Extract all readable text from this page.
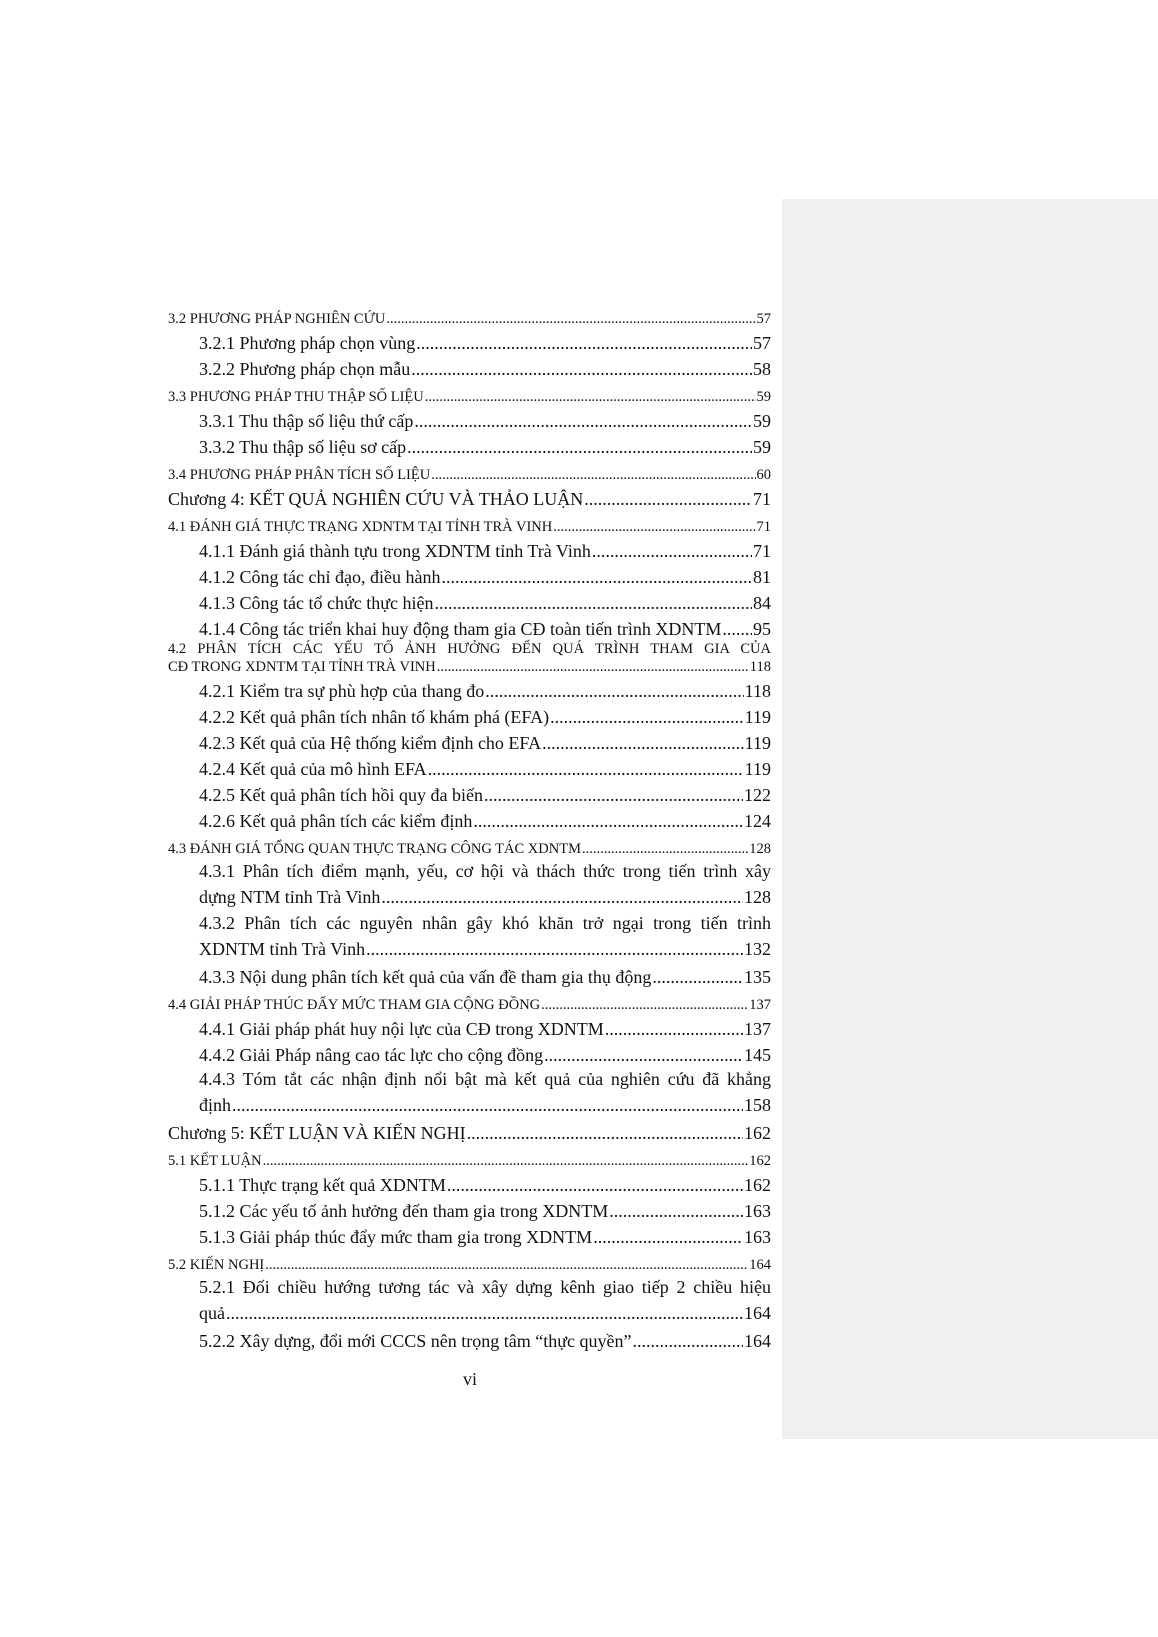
3.2 PHƯƠNG PHÁP NGHIÊN CỨU .....	57
3.2.1 Phương pháp chọn vùng .....	57
3.2.2 Phương pháp chọn mẫu .....	58
3.3 PHƯƠNG PHÁP THU THẬP SỐ LIỆU .....	59
3.3.1 Thu thập số liệu thứ cấp .....	59
3.3.2 Thu thập số liệu sơ cấp .....	59
3.4 PHƯƠNG PHÁP PHÂN TÍCH SỐ LIỆU .....	60
Chương 4: KẾT QUẢ NGHIÊN CỨU VÀ THẢO LUẬN .....	71
4.1 ĐÁNH GIÁ THỰC TRẠNG XDNTM TẠI TỈNH TRÀ VINH .....	71
4.1.1 Đánh giá thành tựu trong XDNTM tỉnh Trà Vinh .....	71
4.1.2 Công tác chỉ đạo, điều hành .....	81
4.1.3 Công tác tổ chức thực hiện .....	84
4.1.4 Công tác triển khai huy động tham gia CĐ toàn tiến trình XDNTM ..... 95
4.2 PHÂN TÍCH CÁC YẾU TỐ ẢNH HƯỞNG ĐẾN QUÁ TRÌNH THAM GIA CỦA
CĐ TRONG XDNTM TẠI TỈNH TRÀ VINH .....	118
4.2.1 Kiểm tra sự phù hợp của thang đo .....	118
4.2.2 Kết quả phân tích nhân tố khám phá (EFA) .....	119
4.2.3 Kết quả của Hệ thống kiểm định cho EFA .....	119
4.2.4 Kết quả của mô hình EFA .....	119
4.2.5 Kết quả phân tích hồi quy đa biến .....	122
4.2.6 Kết quả phân tích các kiểm định .....	124
4.3 ĐÁNH GIÁ TỔNG QUAN THỰC TRẠNG CÔNG TÁC XDNTM .....	128
4.3.1 Phân tích điểm mạnh, yếu, cơ hội và thách thức trong tiến trình xây
dựng NTM tỉnh Trà Vinh .....	128
4.3.2 Phân tích các nguyên nhân gây khó khăn trở ngại trong tiến trình
XDNTM tỉnh Trà Vinh .....	132
4.3.3 Nội dung phân tích kết quả của vấn đề tham gia thụ động .....	135
4.4 GIẢI PHÁP THÚC ĐẨY MỨC THAM GIA CỘNG ĐỒNG .....	137
4.4.1 Giải pháp phát huy nội lực của CĐ trong XDNTM .....	137
4.4.2 Giải Pháp nâng cao tác lực cho cộng đồng .....	145
4.4.3 Tóm tắt các nhận định nổi bật mà kết quả của nghiên cứu đã khẳng
định .....	158
Chương 5: KẾT LUẬN VÀ KIẾN NGHỊ .....	162
5.1 KẾT LUẬN .....	162
5.1.1 Thực trạng kết quả XDNTM .....	162
5.1.2 Các yếu tố ảnh hưởng đến tham gia trong XDNTM .....	163
5.1.3 Giải pháp thúc đẩy mức tham gia trong XDNTM .....	163
5.2 KIẾN NGHỊ .....	164
5.2.1 Đối chiều hướng tương tác và xây dựng kênh giao tiếp 2 chiều hiệu
quả .....	164
5.2.2 Xây dựng, đổi mới CCCS nên trọng tâm “thực quyền” .....	164
vi
